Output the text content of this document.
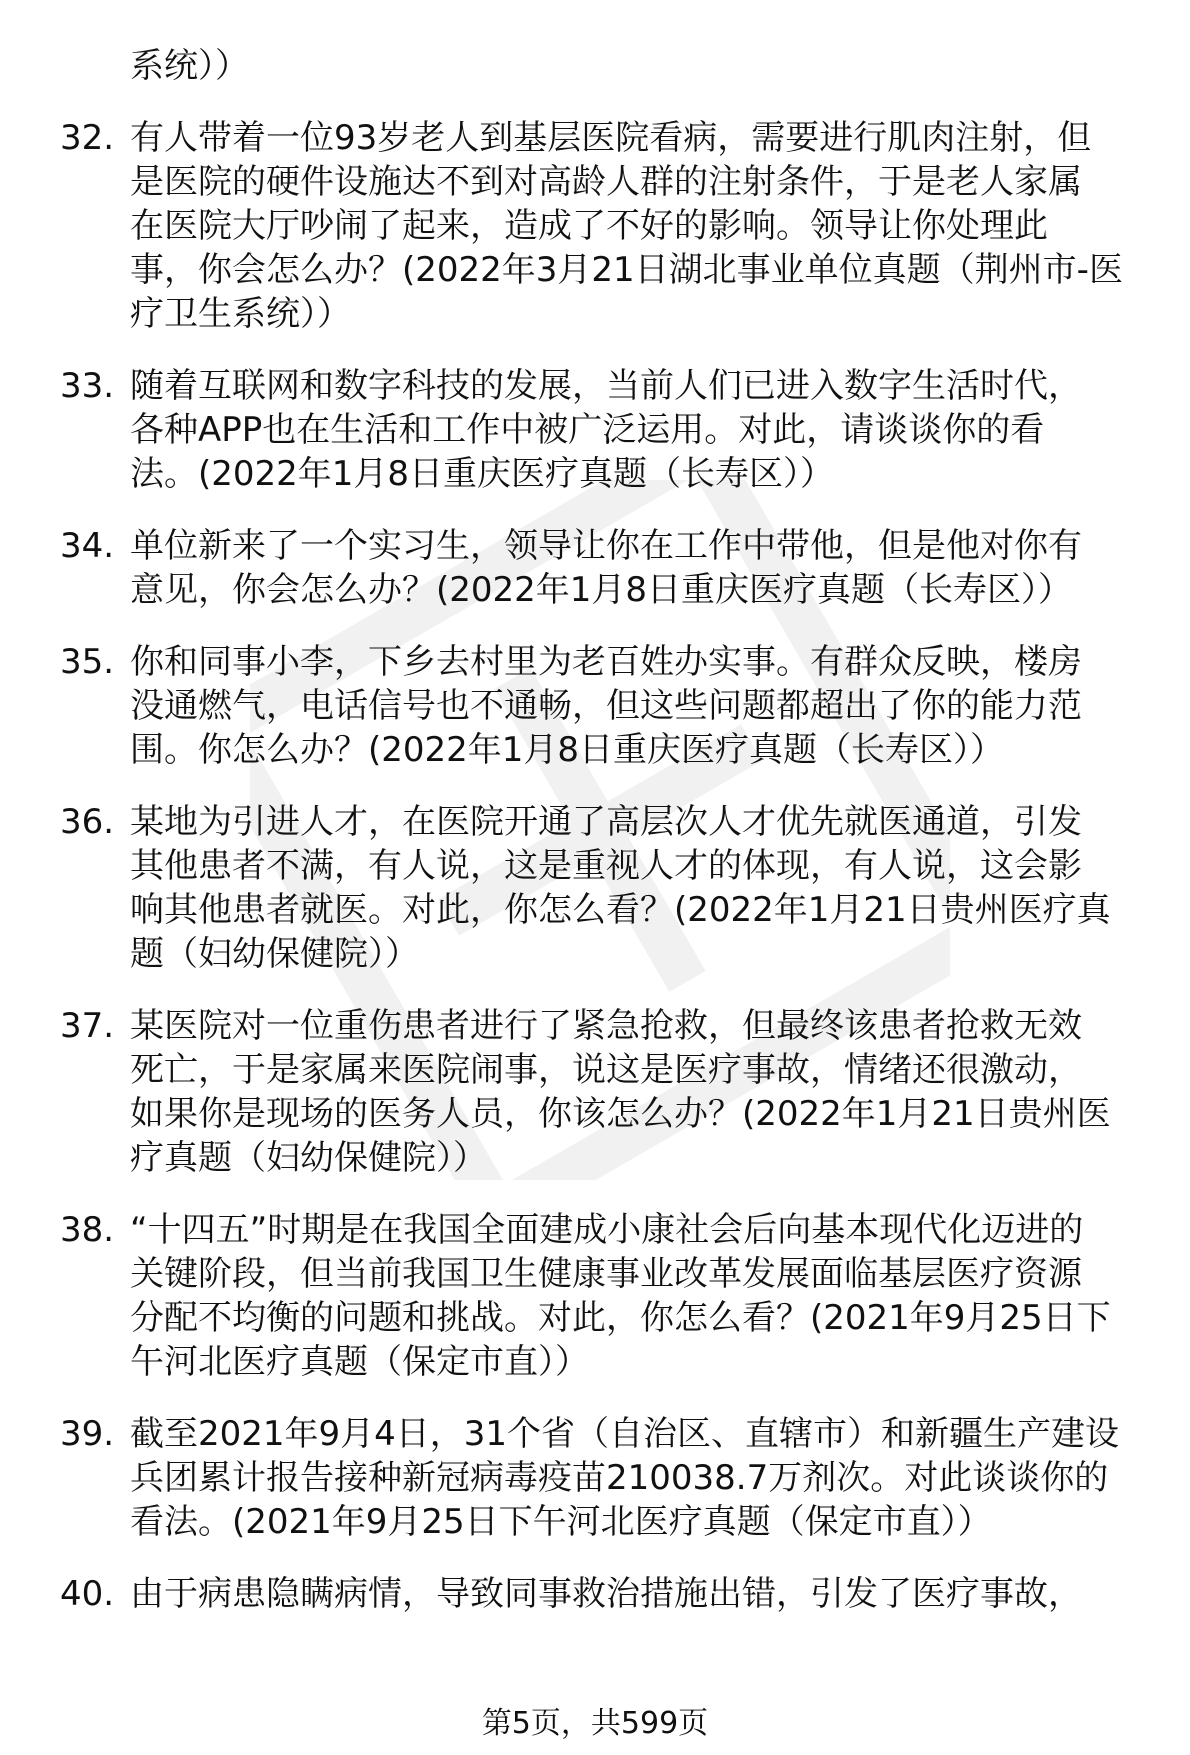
系统））
32. 有人带着一位93岁老人到基层医院看病，需要进行肌肉注射，但
是医院的硬件设施达不到对高龄人群的注射条件，于是老人家属
在医院大厅吵闹了起来，造成了不好的影响。领导让你处理此
事，你会怎么办？(2022年3月21日湖北事业单位真题（荆州市-医
疗卫生系统））
33. 随着互联网和数字科技的发展，当前人们已进入数字生活时代，
各种APP也在生活和工作中被广泛运用。对此，请谈谈你的看
法。(2022年1月8日重庆医疗真题（长寿区））
34. 单位新来了一个实习生，领导让你在工作中带他，但是他对你有
意见，你会怎么办？(2022年1月8日重庆医疗真题（长寿区））
35. 你和同事小李，下乡去村里为老百姓办实事。有群众反映，楼房
没通燃气，电话信号也不通畅，但这些问题都超出了你的能力范
围。你怎么办？(2022年1月8日重庆医疗真题（长寿区））
36. 某地为引进人才，在医院开通了高层次人才优先就医通道，引发
其他患者不满，有人说，这是重视人才的体现，有人说，这会影
响其他患者就医。对此，你怎么看？(2022年1月21日贵州医疗真
题（妇幼保健院））
37. 某医院对一位重伤患者进行了紧急抢救，但最终该患者抢救无效
死亡，于是家属来医院闹事，说这是医疗事故，情绪还很激动，
如果你是现场的医务人员，你该怎么办？(2022年1月21日贵州医
疗真题（妇幼保健院））
38. “十四五”时期是在我国全面建成小康社会后向基本现代化迈进的
关键阶段，但当前我国卫生健康事业改革发展面临基层医疗资源
分配不均衡的问题和挑战。对此，你怎么看？(2021年9月25日下
午河北医疗真题（保定市直））
39. 截至2021年9月4日，31个省（自治区、直辖市）和新疆生产建设
兵团累计报告接种新冠病毒疫苗210038.7万剂次。对此谈谈你的
看法。(2021年9月25日下午河北医疗真题（保定市直））
40. 由于病患隐瞒病情，导致同事救治措施出错，引发了医疗事故，
第5页，共599页
